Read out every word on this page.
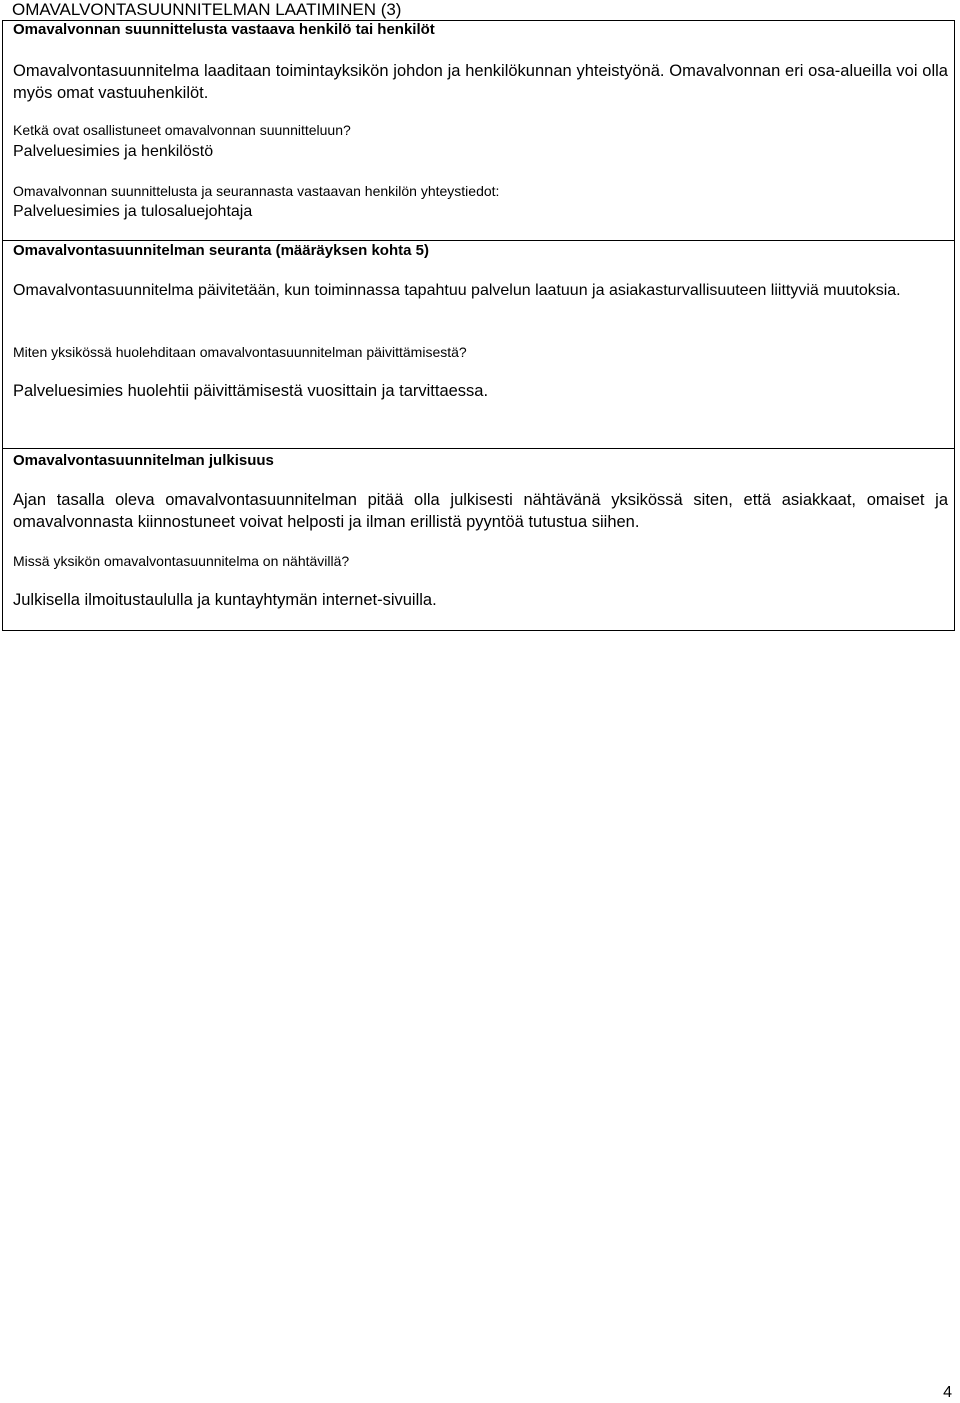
OMAVALVONTASUUNNITELMAN LAATIMINEN (3)

Omavalvonnan suunnittelusta vastaava henkilö tai henkilöt

Omavalvontasuunnitelma laaditaan toimintayksikön johdon ja henkilökunnan yhteistyönä. Omavalvonnan eri osa-alueilla voi olla myös omat vastuuhenkilöt.

Ketkä ovat osallistuneet omavalvonnan suunnitteluun?

Palveluesimies ja henkilöstö

Omavalvonnan suunnittelusta ja seurannasta vastaavan henkilön yhteystiedot:

Palveluesimies ja tulosaluejohtaja

Omavalvontasuunnitelman seuranta (määräyksen kohta 5)

Omavalvontasuunnitelma päivitetään, kun toiminnassa tapahtuu palvelun laatuun ja asiakasturvallisuuteen liittyviä muutoksia.

Miten yksikössä huolehditaan omavalvontasuunnitelman päivittämisestä?

Palveluesimies huolehtii päivittämisestä vuosittain ja tarvittaessa.

Omavalvontasuunnitelman julkisuus

Ajan tasalla oleva omavalvontasuunnitelman pitää olla julkisesti nähtävänä yksikössä siten, että asiakkaat, omaiset ja omavalvonnasta kiinnostuneet voivat helposti ja ilman erillistä pyyntöä tutustua siihen.

Missä yksikön omavalvontasuunnitelma on nähtävillä?

Julkisella ilmoitustaululla ja kuntayhtymän internet-sivuilla.

4
